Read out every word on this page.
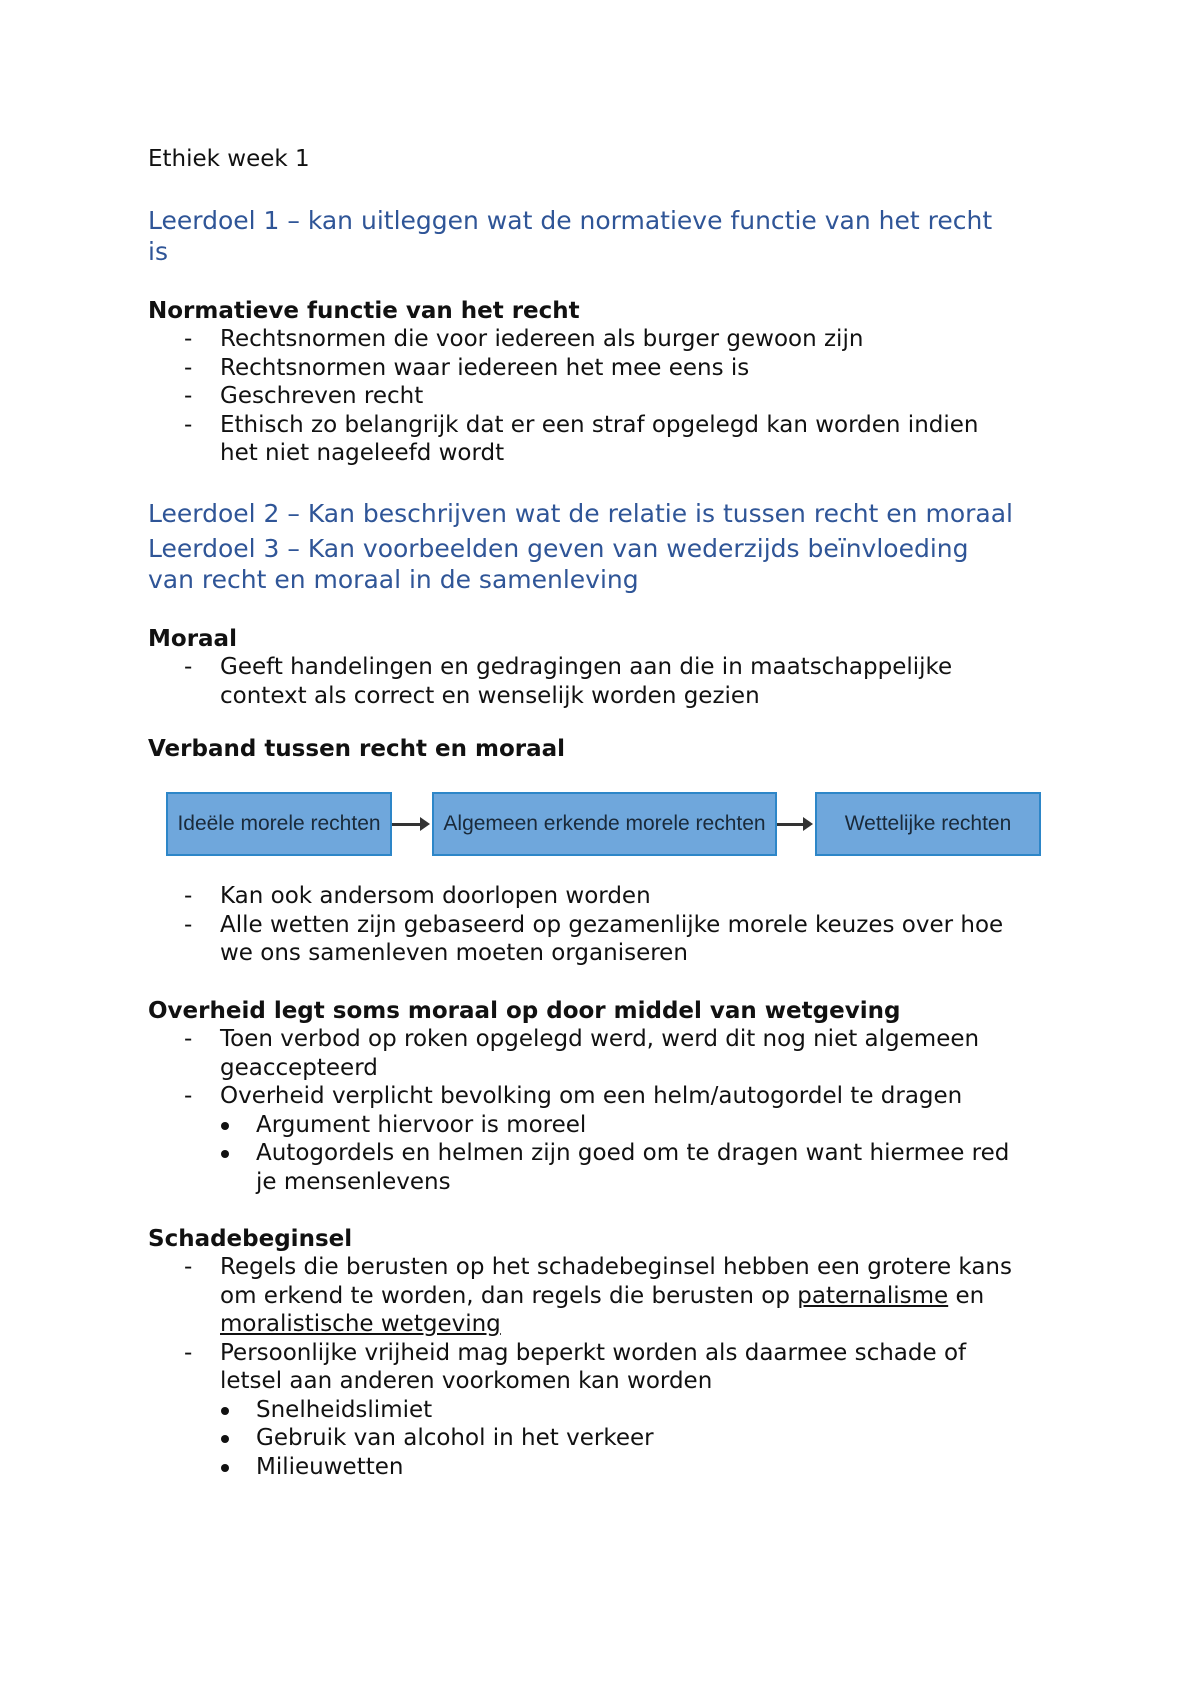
Ethiek week 1
Leerdoel 1 – kan uitleggen wat de normatieve functie van het recht
is
Normatieve functie van het recht
- Rechtsnormen die voor iedereen als burger gewoon zijn
- Rechtsnormen waar iedereen het mee eens is
- Geschreven recht
- Ethisch zo belangrijk dat er een straf opgelegd kan worden indien
het niet nageleefd wordt
Leerdoel 2 – Kan beschrijven wat de relatie is tussen recht en moraal
Leerdoel 3 – Kan voorbeelden geven van wederzijds beïnvloeding
van recht en moraal in de samenleving
Moraal
- Geeft handelingen en gedragingen aan die in maatschappelijke
context als correct en wenselijk worden gezien
Verband tussen recht en moraal
Ideële morele rechten	Algemeen erkende morele rechten	Wettelijke rechten
- Kan ook andersom doorlopen worden
- Alle wetten zijn gebaseerd op gezamenlijke morele keuzes over hoe
we ons samenleven moeten organiseren
Overheid legt soms moraal op door middel van wetgeving
- Toen verbod op roken opgelegd werd, werd dit nog niet algemeen
geaccepteerd
- Overheid verplicht bevolking om een helm/autogordel te dragen
Argument hiervoor is moreel
Autogordels en helmen zijn goed om te dragen want hiermee red
je mensenlevens
Schadebeginsel
- Regels die berusten op het schadebeginsel hebben een grotere kans
om erkend te worden, dan regels die berusten op paternalisme en
moralistische wetgeving
- Persoonlijke vrijheid mag beperkt worden als daarmee schade of
letsel aan anderen voorkomen kan worden
Snelheidslimiet
Gebruik van alcohol in het verkeer
Milieuwetten
